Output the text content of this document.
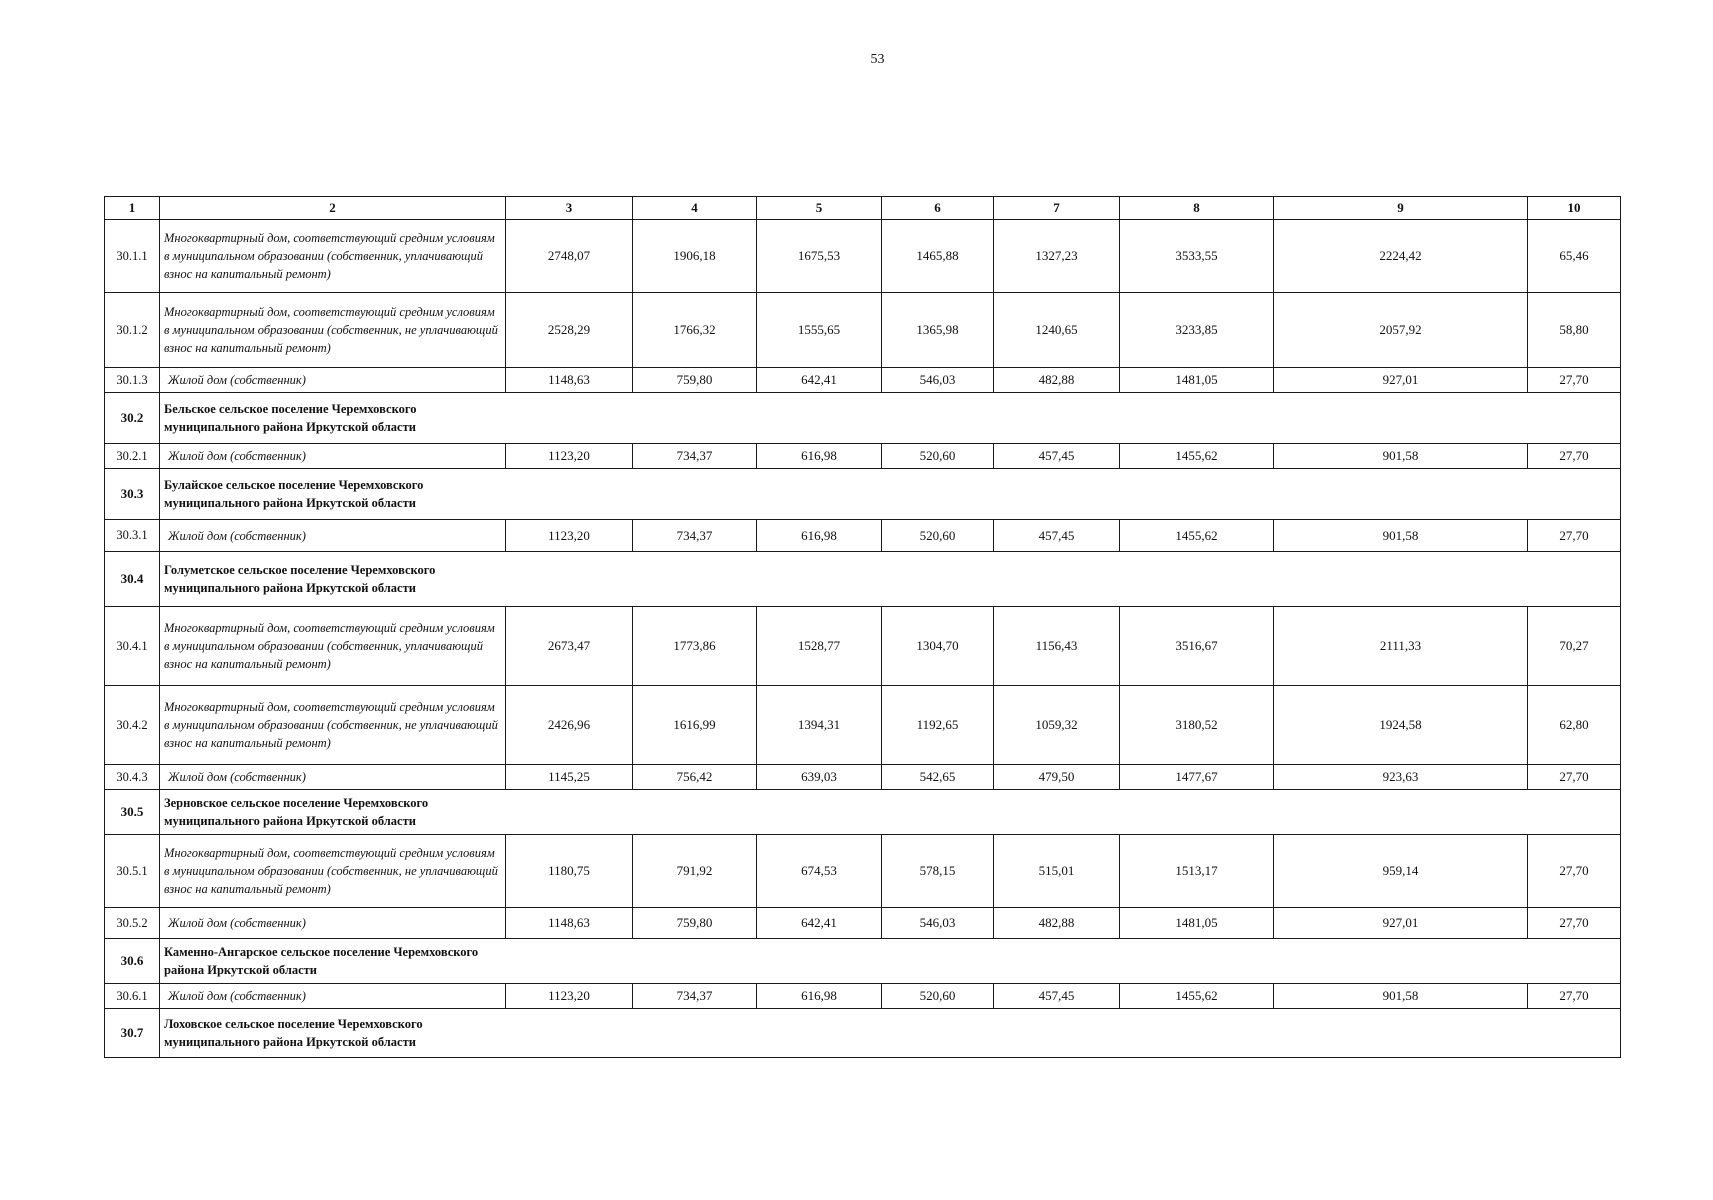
53
1	2	3	4	5	6	7	8	9	10
30.1.1	Многоквартирный дом, соответствующий средним условиям в муниципальном образовании (собственник, уплачивающий взнос на капитальный ремонт)	2748,07	1906,18	1675,53	1465,88	1327,23	3533,55	2224,42	65,46
30.1.2	Многоквартирный дом, соответствующий средним условиям в муниципальном образовании (собственник, не уплачивающий взнос на капитальный ремонт)	2528,29	1766,32	1555,65	1365,98	1240,65	3233,85	2057,92	58,80
30.1.3	Жилой дом (собственник)	1148,63	759,80	642,41	546,03	482,88	1481,05	927,01	27,70
30.2	Бельское сельское поселение Черемховского муниципального района Иркутской области								

30.2.1	Жилой дом (собственник)	1123,20	734,37	616,98	520,60	457,45	1455,62	901,58	27,70
30.3	Булайское сельское поселение Черемховского муниципального района Иркутской области								

30.3.1	Жилой дом (собственник)	1123,20	734,37	616,98	520,60	457,45	1455,62	901,58	27,70
30.4	Голуметское сельское поселение Черемховского муниципального района Иркутской области								

30.4.1	Многоквартирный дом, соответствующий средним условиям в муниципальном образовании (собственник, уплачивающий взнос на капитальный ремонт)	2673,47	1773,86	1528,77	1304,70	1156,43	3516,67	2111,33	70,27
30.4.2	Многоквартирный дом, соответствующий средним условиям в муниципальном образовании (собственник, не уплачивающий взнос на капитальный ремонт)	2426,96	1616,99	1394,31	1192,65	1059,32	3180,52	1924,58	62,80
30.4.3	Жилой дом (собственник)	1145,25	756,42	639,03	542,65	479,50	1477,67	923,63	27,70
30.5	Зерновское сельское поселение Черемховского муниципального района Иркутской области								

30.5.1	Многоквартирный дом, соответствующий средним условиям в муниципальном образовании (собственник, не уплачивающий взнос на капитальный ремонт)	1180,75	791,92	674,53	578,15	515,01	1513,17	959,14	27,70
30.5.2	Жилой дом (собственник)	1148,63	759,80	642,41	546,03	482,88	1481,05	927,01	27,70
30.6	Каменно-Ангарское сельское поселение Черемховского района Иркутской области								

30.6.1	Жилой дом (собственник)	1123,20	734,37	616,98	520,60	457,45	1455,62	901,58	27,70
30.7	Лоховское сельское поселение Черемховского муниципального района Иркутской области								
